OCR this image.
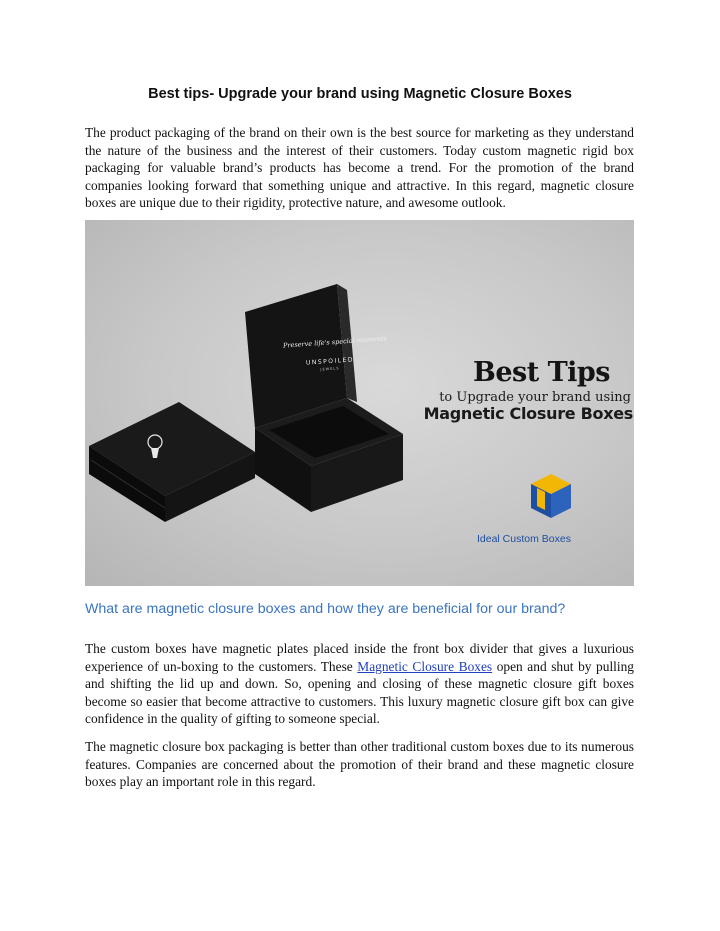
Best tips- Upgrade your brand using Magnetic Closure Boxes

The product packaging of the brand on their own is the best source for marketing as they understand the nature of the business and the interest of their customers. Today custom magnetic rigid box packaging for valuable brand’s products has become a trend. For the promotion of the brand companies looking forward that something unique and attractive. In this regard, magnetic closure boxes are unique due to their rigidity, protective nature, and awesome outlook.

Preserve life's special moments
UNSPOILED
JEWELS	Best Tips
to Upgrade your brand using
Magnetic Closure Boxes
Ideal Custom Boxes
What are magnetic closure boxes and how they are beneficial for our brand?

The custom boxes have magnetic plates placed inside the front box divider that gives a luxurious experience of un-boxing to the customers. These Magnetic Closure Boxes open and shut by pulling and shifting the lid up and down. So, opening and closing of these magnetic closure gift boxes become so easier that become attractive to customers. This luxury magnetic closure gift box can give confidence in the quality of gifting to someone special.

The magnetic closure box packaging is better than other traditional custom boxes due to its numerous features. Companies are concerned about the promotion of their brand and these magnetic closure boxes play an important role in this regard.
